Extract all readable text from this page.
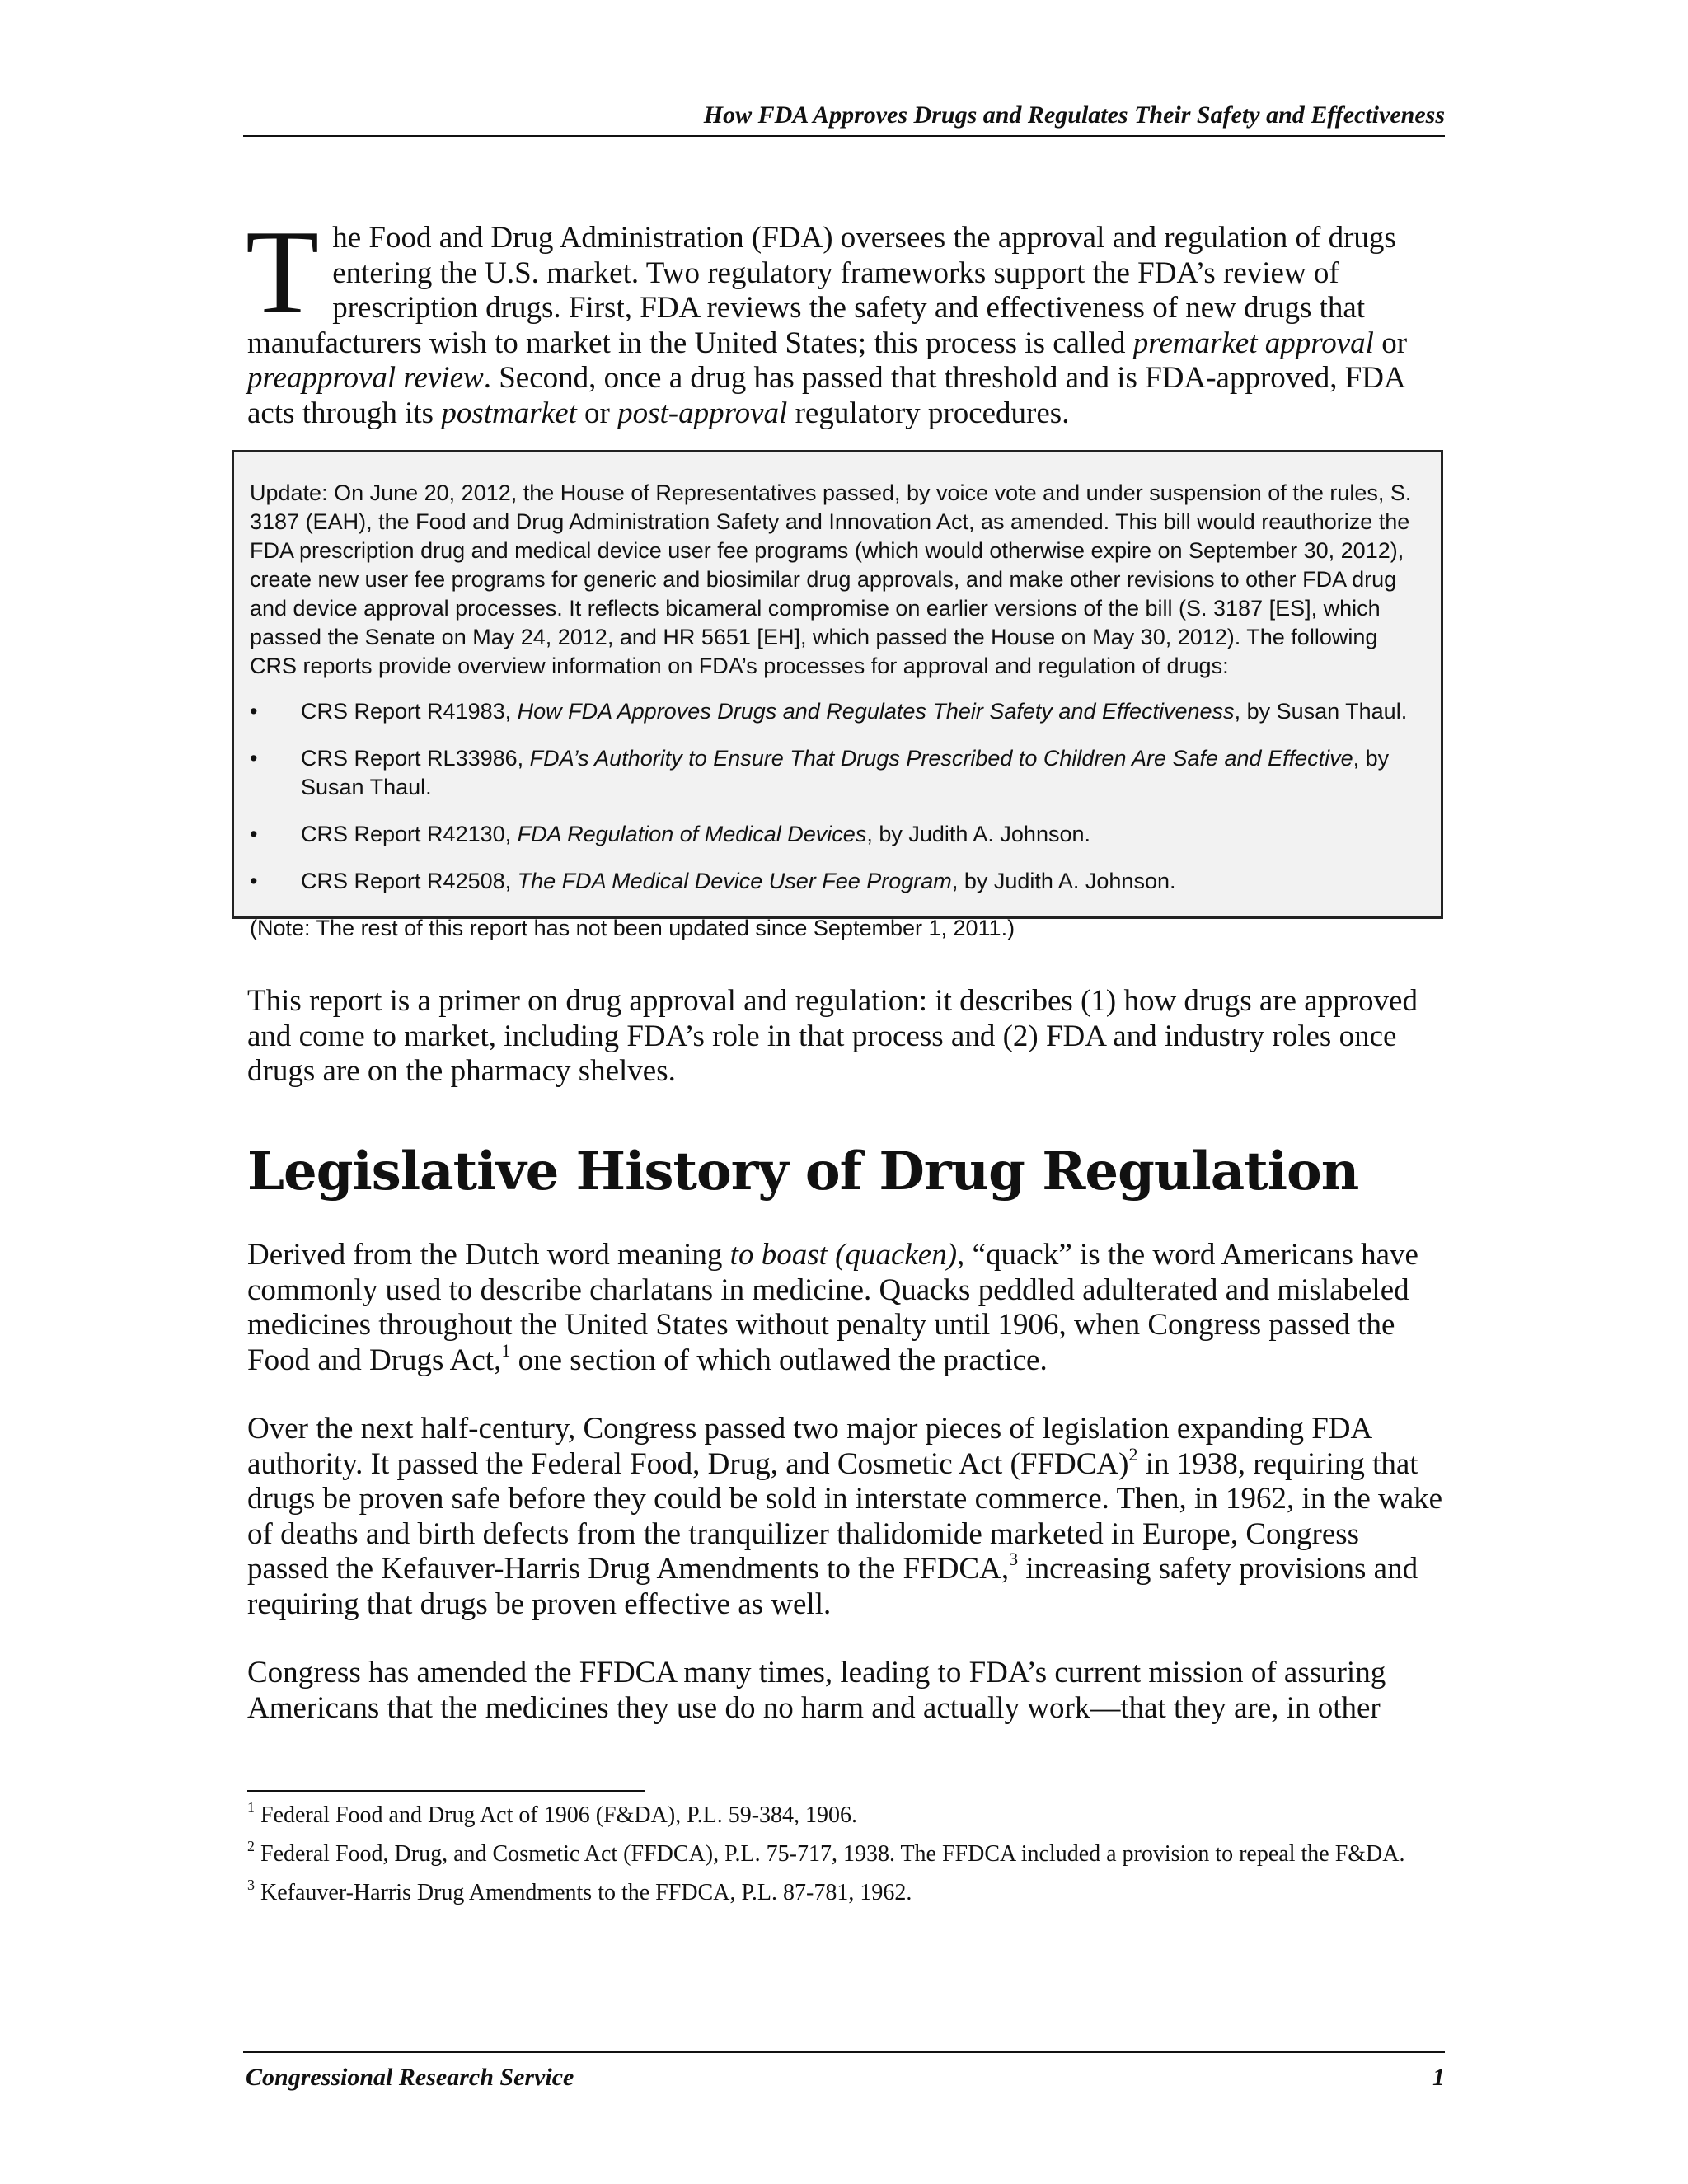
How FDA Approves Drugs and Regulates Their Safety and Effectiveness
The Food and Drug Administration (FDA) oversees the approval and regulation of drugs entering the U.S. market. Two regulatory frameworks support the FDA’s review of prescription drugs. First, FDA reviews the safety and effectiveness of new drugs that manufacturers wish to market in the United States; this process is called premarket approval or preapproval review. Second, once a drug has passed that threshold and is FDA-approved, FDA acts through its postmarket or post-approval regulatory procedures.

Update: On June 20, 2012, the House of Representatives passed, by voice vote and under suspension of the rules, S. 3187 (EAH), the Food and Drug Administration Safety and Innovation Act, as amended. This bill would reauthorize the FDA prescription drug and medical device user fee programs (which would otherwise expire on September 30, 2012), create new user fee programs for generic and biosimilar drug approvals, and make other revisions to other FDA drug and device approval processes. It reflects bicameral compromise on earlier versions of the bill (S. 3187 [ES], which passed the Senate on May 24, 2012, and HR 5651 [EH], which passed the House on May 30, 2012). The following CRS reports provide overview information on FDA’s processes for approval and regulation of drugs:

• CRS Report R41983, How FDA Approves Drugs and Regulates Their Safety and Effectiveness, by Susan Thaul.
• CRS Report RL33986, FDA’s Authority to Ensure That Drugs Prescribed to Children Are Safe and Effective, by Susan Thaul.
• CRS Report R42130, FDA Regulation of Medical Devices, by Judith A. Johnson.
• CRS Report R42508, The FDA Medical Device User Fee Program, by Judith A. Johnson.

(Note: The rest of this report has not been updated since September 1, 2011.)

This report is a primer on drug approval and regulation: it describes (1) how drugs are approved and come to market, including FDA’s role in that process and (2) FDA and industry roles once drugs are on the pharmacy shelves.

Legislative History of Drug Regulation

Derived from the Dutch word meaning to boast (quacken), “quack” is the word Americans have commonly used to describe charlatans in medicine. Quacks peddled adulterated and mislabeled medicines throughout the United States without penalty until 1906, when Congress passed the Food and Drugs Act,$^1$ one section of which outlawed the practice.

Over the next half-century, Congress passed two major pieces of legislation expanding FDA authority. It passed the Federal Food, Drug, and Cosmetic Act (FFDCA)$^2$ in 1938, requiring that drugs be proven safe before they could be sold in interstate commerce. Then, in 1962, in the wake of deaths and birth defects from the tranquilizer thalidomide marketed in Europe, Congress passed the Kefauver-Harris Drug Amendments to the FFDCA,$^3$ increasing safety provisions and requiring that drugs be proven effective as well.

Congress has amended the FFDCA many times, leading to FDA’s current mission of assuring Americans that the medicines they use do no harm and actually work—that they are, in other

$^1$ Federal Food and Drug Act of 1906 (F&DA), P.L. 59-384, 1906.

$^2$ Federal Food, Drug, and Cosmetic Act (FFDCA), P.L. 75-717, 1938. The FFDCA included a provision to repeal the F&DA.

$^3$ Kefauver-Harris Drug Amendments to the FFDCA, P.L. 87-781, 1962.

Congressional Research Service	1
